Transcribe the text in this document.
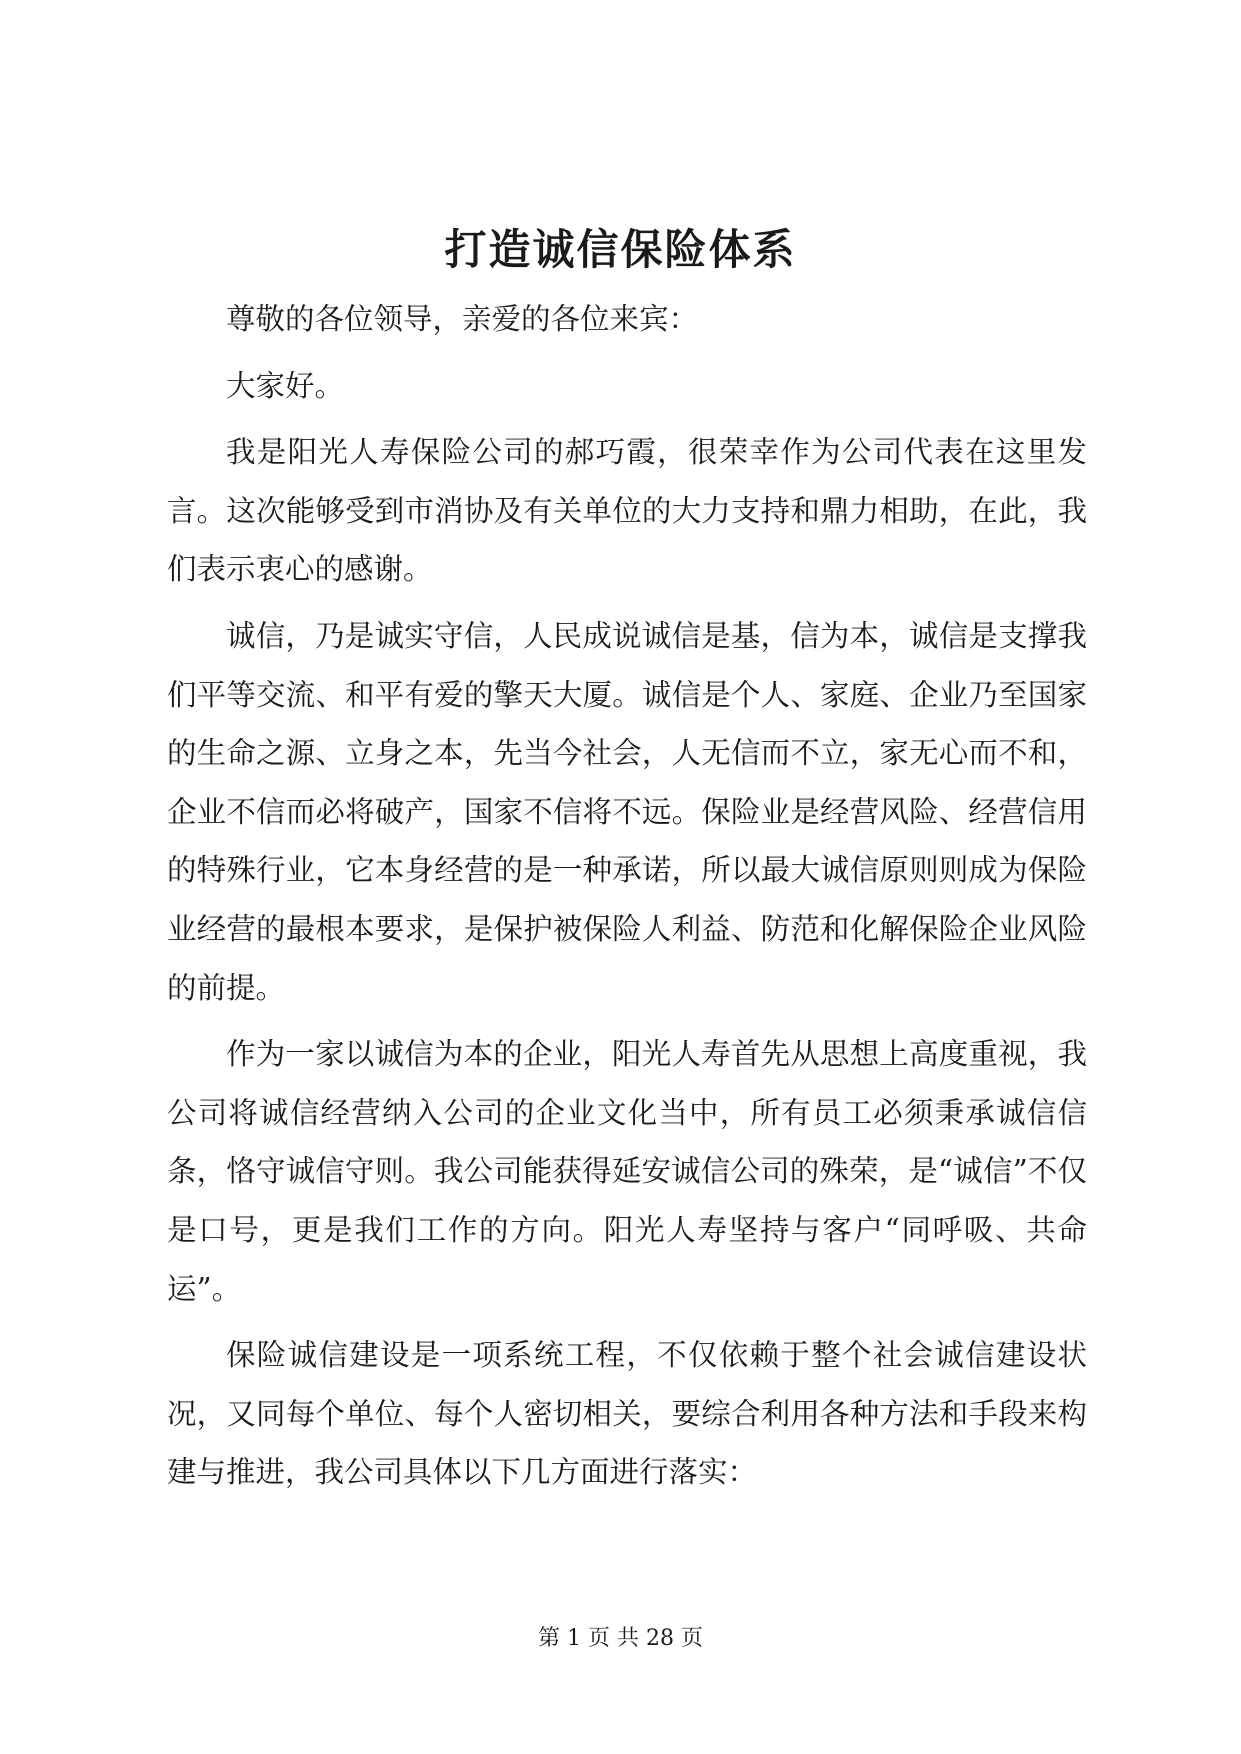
打造诚信保险体系

尊敬的各位领导，亲爱的各位来宾：

大家好。

我是阳光人寿保险公司的郝巧霞，很荣幸作为公司代表在这里发言。这次能够受到市消协及有关单位的大力支持和鼎力相助，在此，我们表示衷心的感谢。

诚信，乃是诚实守信，人民成说诚信是基，信为本，诚信是支撑我们平等交流、和平有爱的擎天大厦。诚信是个人、家庭、企业乃至国家的生命之源、立身之本，先当今社会，人无信而不立，家无心而不和，企业不信而必将破产，国家不信将不远。保险业是经营风险、经营信用的特殊行业，它本身经营的是一种承诺，所以最大诚信原则则成为保险业经营的最根本要求，是保护被保险人利益、防范和化解保险企业风险的前提。

作为一家以诚信为本的企业，阳光人寿首先从思想上高度重视，我公司将诚信经营纳入公司的企业文化当中，所有员工必须秉承诚信信条，恪守诚信守则。我公司能获得延安诚信公司的殊荣，是“诚信”不仅是口号，更是我们工作的方向。阳光人寿坚持与客户“同呼吸、共命运”。

保险诚信建设是一项系统工程，不仅依赖于整个社会诚信建设状况，又同每个单位、每个人密切相关，要综合利用各种方法和手段来构建与推进，我公司具体以下几方面进行落实：

第 1 页 共 28 页
